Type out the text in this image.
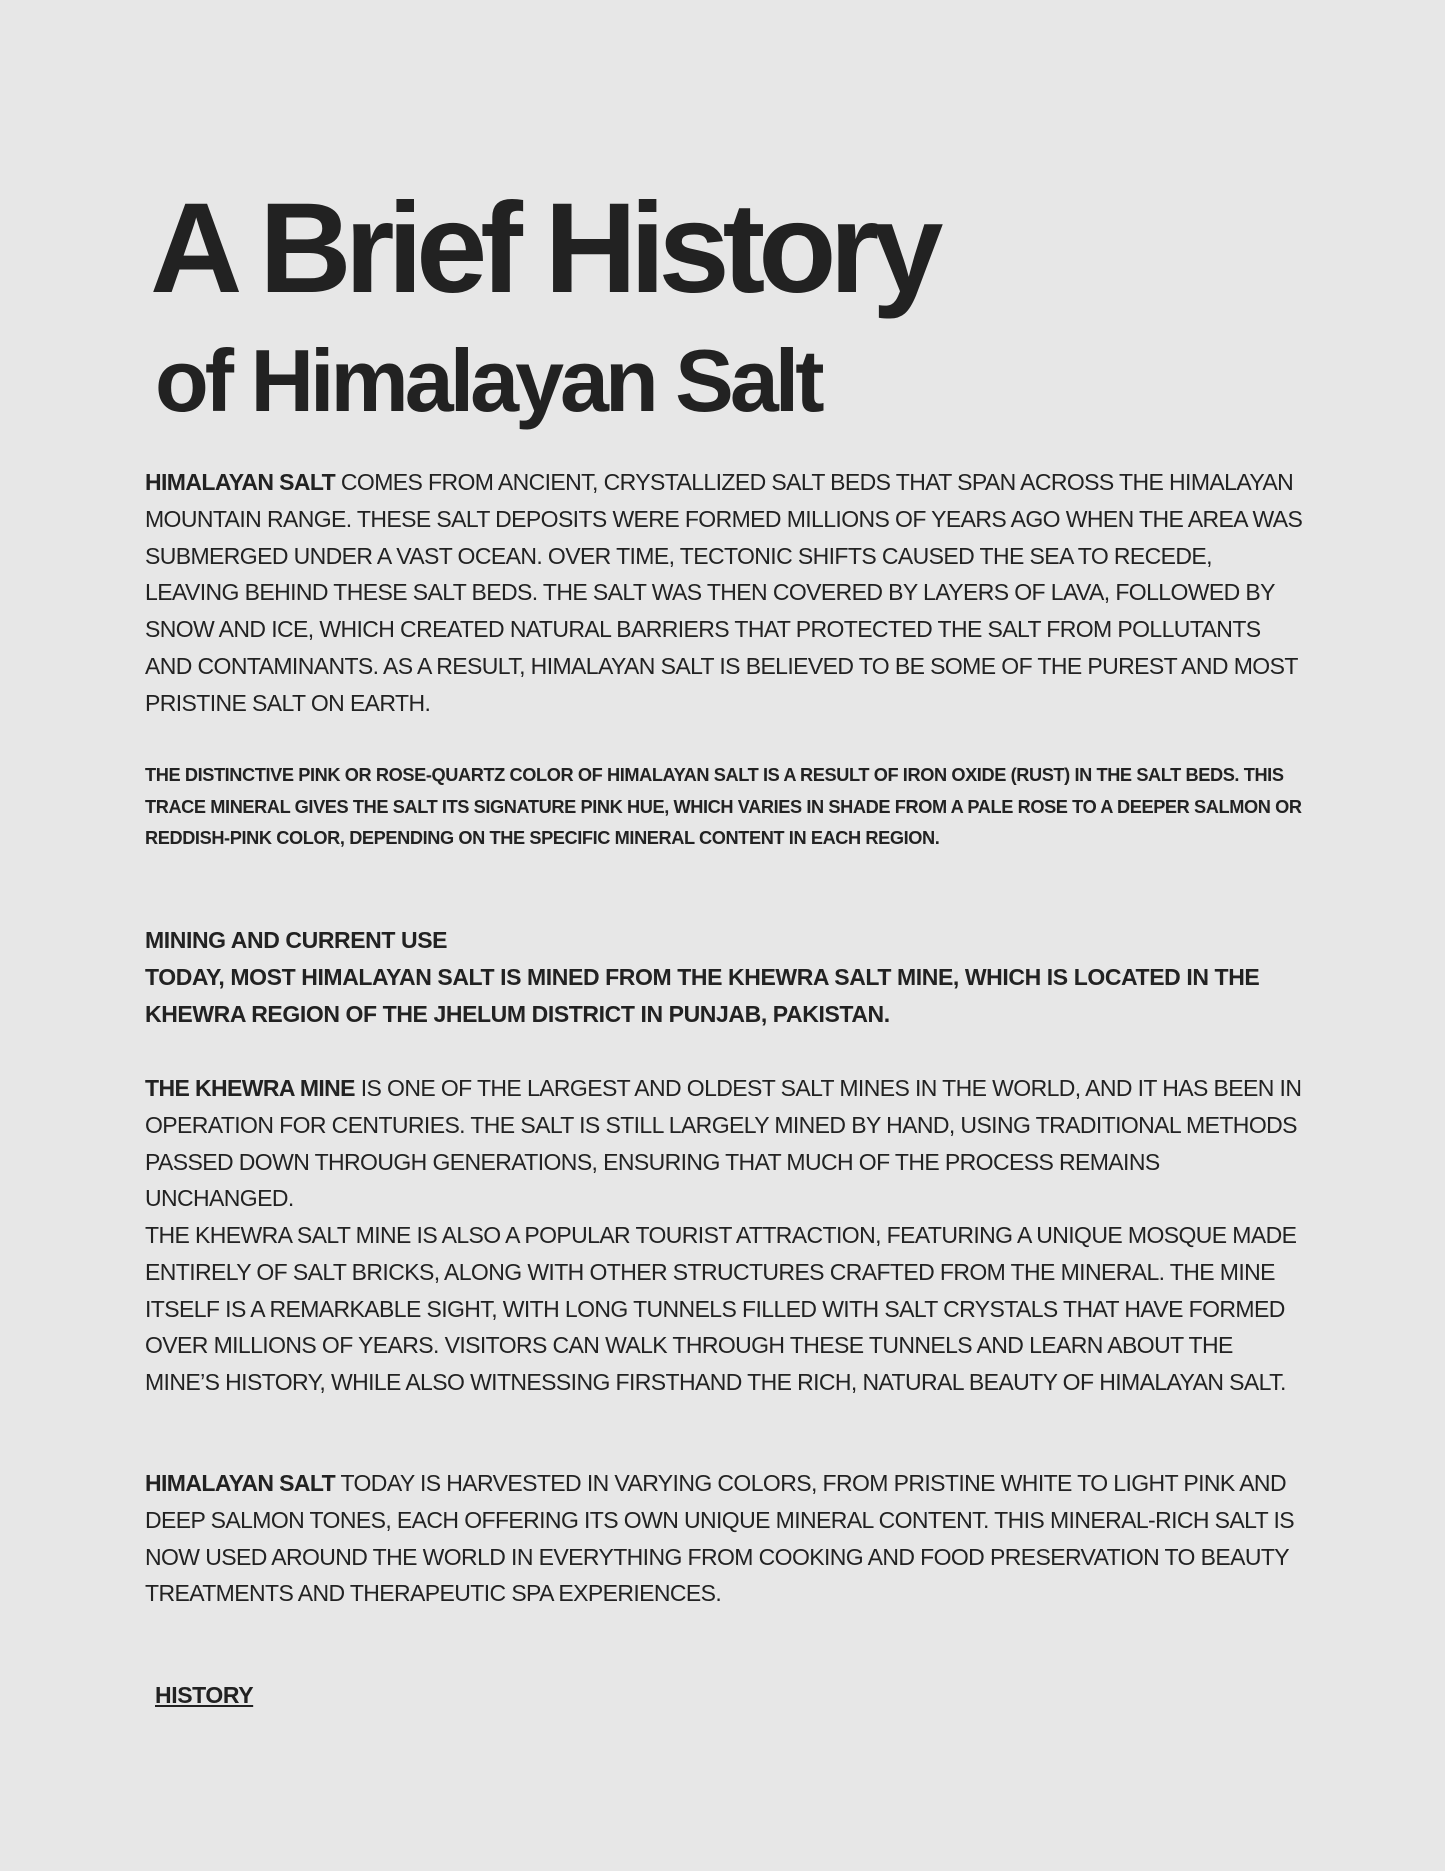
A Brief History
of Himalayan Salt

HIMALAYAN SALT COMES FROM ANCIENT, CRYSTALLIZED SALT BEDS THAT SPAN ACROSS THE HIMALAYAN MOUNTAIN RANGE. THESE SALT DEPOSITS WERE FORMED MILLIONS OF YEARS AGO WHEN THE AREA WAS SUBMERGED UNDER A VAST OCEAN. OVER TIME, TECTONIC SHIFTS CAUSED THE SEA TO RECEDE, LEAVING BEHIND THESE SALT BEDS. THE SALT WAS THEN COVERED BY LAYERS OF LAVA, FOLLOWED BY SNOW AND ICE, WHICH CREATED NATURAL BARRIERS THAT PROTECTED THE SALT FROM POLLUTANTS AND CONTAMINANTS. AS A RESULT, HIMALAYAN SALT IS BELIEVED TO BE SOME OF THE PUREST AND MOST PRISTINE SALT ON EARTH.

THE DISTINCTIVE PINK OR ROSE-QUARTZ COLOR OF HIMALAYAN SALT IS A RESULT OF IRON OXIDE (RUST) IN THE SALT BEDS. THIS TRACE MINERAL GIVES THE SALT ITS SIGNATURE PINK HUE, WHICH VARIES IN SHADE FROM A PALE ROSE TO A DEEPER SALMON OR REDDISH-PINK COLOR, DEPENDING ON THE SPECIFIC MINERAL CONTENT IN EACH REGION.

MINING AND CURRENT USE
TODAY, MOST HIMALAYAN SALT IS MINED FROM THE KHEWRA SALT MINE, WHICH IS LOCATED IN THE KHEWRA REGION OF THE JHELUM DISTRICT IN PUNJAB, PAKISTAN.

THE KHEWRA MINE IS ONE OF THE LARGEST AND OLDEST SALT MINES IN THE WORLD, AND IT HAS BEEN IN OPERATION FOR CENTURIES. THE SALT IS STILL LARGELY MINED BY HAND, USING TRADITIONAL METHODS PASSED DOWN THROUGH GENERATIONS, ENSURING THAT MUCH OF THE PROCESS REMAINS UNCHANGED.

THE KHEWRA SALT MINE IS ALSO A POPULAR TOURIST ATTRACTION, FEATURING A UNIQUE MOSQUE MADE ENTIRELY OF SALT BRICKS, ALONG WITH OTHER STRUCTURES CRAFTED FROM THE MINERAL. THE MINE ITSELF IS A REMARKABLE SIGHT, WITH LONG TUNNELS FILLED WITH SALT CRYSTALS THAT HAVE FORMED OVER MILLIONS OF YEARS. VISITORS CAN WALK THROUGH THESE TUNNELS AND LEARN ABOUT THE MINE’S HISTORY, WHILE ALSO WITNESSING FIRSTHAND THE RICH, NATURAL BEAUTY OF HIMALAYAN SALT.

HIMALAYAN SALT TODAY IS HARVESTED IN VARYING COLORS, FROM PRISTINE WHITE TO LIGHT PINK AND DEEP SALMON TONES, EACH OFFERING ITS OWN UNIQUE MINERAL CONTENT. THIS MINERAL-RICH SALT IS NOW USED AROUND THE WORLD IN EVERYTHING FROM COOKING AND FOOD PRESERVATION TO BEAUTY TREATMENTS AND THERAPEUTIC SPA EXPERIENCES.

HISTORY
